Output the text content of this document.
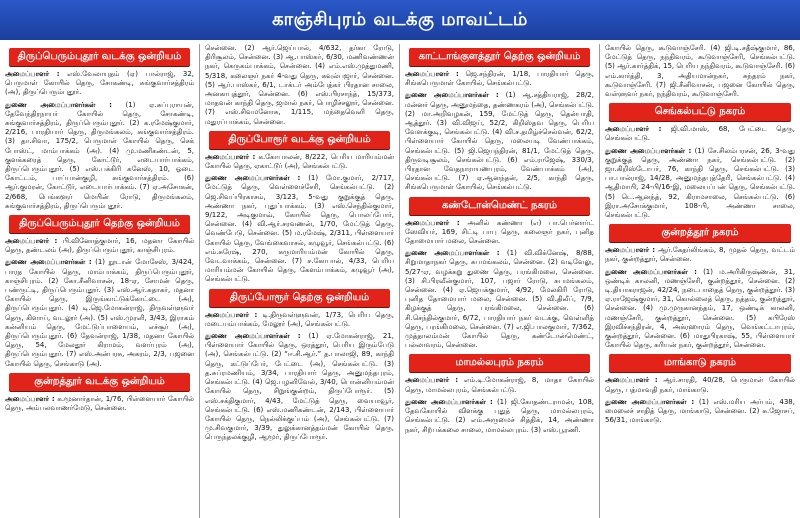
காஞ்சிபுரம் வடக்கு மாவட்டம்
திருப்பெரும்புதூர் வடக்கு ஒன்றியம்

அமைப்பாளர் : எஸ்.வேலாயுதம் (ஏ) பால்ராஜ், 32, பெருமாள் கோயில் தெரு, சோகண்டி, சுங்குவார்சத்திரம் (அ), திருப்பெரும்புதூர்.

துணை அமைப்பாளர்கள் : (1) ஏ.சுப்புராயன், தேவேந்திரநாயர் கோயில் தெரு, சோகண்டி, சுங்குவார்சத்திரம், திருப்பெரும்புதூர். (2) க.ரமேஷ்குமார், 2/216, பாரதியார் தெரு, திருமங்கலம், சுங்குவார்சத்திரம். (3) தா.சிவா, 175/2, பெருமாள் கோயில் தெரு, செக் போஸ்ட், மாம்பாக்கம் (அ). (4) மு.மணிகண்டன், 5, குளக்கரைத் தெரு, கோட்டூர், எடையார்பாக்கம், திருப்பெரும்புதூர். (5) எஸ்.பக்கிரி கனேஸ், 10, ஓடை கோட்டம், பாப்பான்குழி, சுங்குவார்சத்திரம். (6) ஆர்.குமரன், கோட்டூர், எடையார்பாக்கம். (7) ஏ.அசோகன், 2/668, பெங்களூர் மெயின் ரோடு, திருமங்கலம், சுங்குவார்சத்திரம், திருப்பெரும்புதூர்.

திருப்பெரும்புதூர் தெற்கு ஒன்றியம்

அமைப்பாளர் : பி.வினோத்குமார், 16, மதனா கோயில் தெரு, தண்டலம் (அ), திருப்பெரும்புதூர், காஞ்சிபுரம்.

துணை அமைப்பாளர்கள் : (1) நூடான் மோசேஸ், 3/424, பாரத கோயில் தெரு, மாம்பாக்கம், திருப்பெரும்புதூர், காஞ்சிபுரம். (2) கோ.சீனிவாசன், 18-ஏ, சோமன் தெரு, பண்ருட்டி, திருப்பெரும்புதூர். (3) எஸ்.ஆர்.சுதாகர், மதனா கோயில் தெரு, இருங்காட்டுக்கோட்டை (அ), திருப்பெரும்புதூர். (4) டி.ஜெ.மோகன்ராஜ், திருவள்ளுவர் தெரு, கிளாய், வடலூர் (அ). (5) எஸ்.முரளி, 3/43, இராகம் கன்னியம் தெரு, மேட்டுப்பாளையம், எச்சூர் (அ), திருப்பெரும்புதூர். (6) தேவன்ராஜ், 1/38, மதனா கோயில் தெரு, 54, மேலதூர் கிராமம், வளர்புரம் (அ), திருப்பெரும்புதூர். (7) எஸ்.அன்பரசு, அகரம், 2/3, பஜனை கோயில் தெரு, செங்காடு (அ).

குன்றத்தூர் வடக்கு ஒன்றியம்

அமைப்பாளர் : க.மூனார்தான், 1/76, பிள்ளையார் கோயில் தெரு, அம்பலவாணர்மேடு, சென்னை.

சென்னை. (2) ஆர்.ஜெய்பால், 4/632, தர்கா ரோடு, திரிசூலம், சென்னை. (3) ஆ.பாஸ்கர், 6/30, மணிவண்ணன் நகர், கெருகம்பாக்கம், சென்னை. (4) எம்.எஸ்.முத்துமணி, 5/318, கலைஞர் நகர் 4-வது தெரு, கவுல்பஜார், சென்னை. (5) ஆர்.பாஸ்கர், 6/1, டாக்டர் அம்பேத்கர் பிரதான சாலை, அனகாபுத்தூர், சென்னை. (6) எஸ்.பிரசாந்த், 15/373, மாதவன் காந்தி தெரு, ஜமால் நகர், பொழிச்சலூர், சென்னை. (7) எஸ்.சிவமனோசு, 1/115, மந்தைவெளி தெரு, மதுரப்பாக்கம், சென்னை.

திருப்போரூர் வடக்கு ஒன்றியம்

அமைப்பாளர் : க.கோபாலன், 8/222, பெரிய மாரியம்மன் கோயில் தெரு, ஏகாட்டூர் (அ), செங்கல்பட்டு.

துணை அமைப்பாளர்கள் : (1) மோ.குமார், 2/717, மேட்டுத் தெரு, வெள்ளைச்சேரி, செங்கல்பட்டு. (2) ஜெ.சிவப்பிரகாசம், 3/123, 5-வது குறுக்குத் தெரு, அண்ணா நகர், புதுப்பாக்கம். (3) எஸ்.செந்தில்குமார், 9/122, அடிகுமாவ், கோயில் தெரு, பொலப்போர், சென்னை. (4) வி.ஆர்.சரவணன், 1/70, மேட்டுத் தெரு, வெண்பேடு, சென்னை. (5) ம.ரமேஷ், 2/311, பிள்ளையார் கோயில் தெரு, வேங்கைவாசல், கழுவூர், செங்கல்பட்டு. (6) எம்.சுரேஷ், 270, கருமாரியம்மன் கோயில் தெரு, வேடவாக்கம், சென்னை. (7) ச.கோபால், 4/33, பெரிய மாரியம்மன் கோயில் தெரு, கேளம்பாக்கம், கழுவூர் (அ), செங்கல்பட்டு.

திருப்போரூர் தெற்கு ஒன்றியம்

அமைப்பாளர் : டி.திருவள்ளுவன், 1/73, பெரிய தெரு, மடையம்பாக்கம், மேலூர் (அ), செங்கல்பட்டு.

துணை அமைப்பாளர்கள் : (1) ஏ.மோகன்ராஜ், 21, பிள்ளையார் கோயில் தெரு, ஒரத்தூர், பெரிய இரும்பேடு (அ), செங்கல்பட்டு. (2) “ஈ.சி.ஆர்.” த.பாலாஜி, 89, காந்தி தெரு, கட்டுப்பேர், பேட்டை (அ), செங்கல்பட்டு. (3) த.சுப்ரமணியம், 3/34, பாரதியார் தெரு, அனுமந்தபுரம், செங்கல்பட்டு. (4) ஜெ.பழனிவேல், 3/40, பொன்னியம்மன் கோயில் தெரு, சிறுங்குன்றம், திருப்போரூர். (5) எஸ்.சக்திகுமார், 4/43, மேட்டுத் தெரு, வையாவூர், செங்கல்பட்டு. (6) எஸ்.மணிகண்டன், 2/143, பிள்ளையார் கோயில் தெரு, நெல்லிக்குப்பம் (அ), செங்கல்பட்டு. (7) மு.சிவகுமார், 3/39, துலுக்கானத்தம்மன் கோயில் தெரு, பெருந்தலக்குழி, ஆமூர், திருப்போரூர்.

காட்டாங்குளத்தூர் தெற்கு ஒன்றியம்

அமைப்பாளர் : ஜெ.சந்திரன், 1/18, பாரதியார் தெரு, சிங்கபெருமாள் கோயில், செங்கல்பட்டு.

துணை அமைப்பாளர்கள் : (1) ஆ.சத்தியராஜ், 28/2, மன்னர் தெரு, அனுமந்தை, தண்ணகரம் (அ), செங்கல்பட்டு. (2) மா.அறிவழகன், 159, மேட்டுத் தெரு, தென்பாதி, ஆத்தூர். (3) வி.விஜய், 52/2, கிறிஸ்தவ தெரு, பெரிய வேளக்குடி, செங்கல்பட்டு. (4) வி.ச.தமிழ்ச்செல்வன், 62/2, பிள்ளையார் கோயில் தெரு, மலையடி வேண்பாக்கம், செங்கல்பட்டு. (5) ஜி.ஜெயந்திரன், 81/1, மேட்டுத் தெரு, திருவடிசூலம், செங்கல்பட்டு. (6) எம்.ராஜேஷ், 330/3, பிரதான வேதநாராயணபுரம், வேண்பாக்கம் (அ), செங்கல்பட்டு. (7) ஏ.ஆனந்தன், 2/5, காந்தி தெரு, சிங்கபெருமாள் கோயில், செங்கல்பட்டு.

கண்டோன்மெண்ட் நகரம்

அமைப்பாளர் : அனில் கண்ணா (எ) பா.பெர்னார்ட் ஸேவியர், 169, சிட்டி பாபு தெரு, கலைஞர் நகர், புனித தோமையார் மலை, சென்னை.

துணை அமைப்பாளர்கள் : (1) வி.விக்னேஷ், 8/88, சிறுமாதாநகர் தெரு, சுபமங்கலம், சென்னை. (2) வடிவேலு, 5/27-ஏ, வழக்கறு துணை தெரு, பரங்கிமலை, சென்னை. (3) சி.பிரவீன்குமார், 107, பஜார் ரோடு, சுபமங்கலம், சென்னை. (4) ஏ.ஜெயக்குமார், 4/92, மேலகிரி ரோடு, புனித தோமையார் மலை, சென்னை. (5) வி.திலீப், 7/9, கிழக்குத் தெரு, பரங்கிமலை, சென்னை. (6) சி.செந்தில்குமார், 6/72, பாரதியார் நகர் வடக்கு, வெள்ளித் தெரு, பரங்கிமலை, சென்னை. (7) எ.ஜி.பாலகுமார், 7/362, முத்தாலம்மன் கோயில் தெரு, கண்டோன்மெண்ட், பல்லாவரம், சென்னை.

மாமல்லபுரம் நகரம்

அமைப்பாளர் : எம்.டி.மோகன்ராஜ், 8, மாதா கோயில் தெரு, மாமல்லபுரம், செங்கல்பட்டு.

துணை அமைப்பாளர்கள் : (1) ஜி.கோதண்டராமன், 108, தேவகோயில் விளக்கு புதுத் தெரு, மாமல்லபுரம், செங்கல்பட்டு. (2) எம்.அருமைச் சித்திக், 14, அண்ணா நகர், சிற்பக்கலை சாலை, மாமல்லபுரம். (3) எஸ்.பூரணி.

கோயில் தெரு, கூடுவாஞ்சேரி. (4) ஜி.டி.சதீஷ்குமார், 86, மேட்டுத் தெரு, நந்திவரம், கூடுவாஞ்சேரி, செங்கல்பட்டு. (5) ஆர்.கார்த்திக், 15, பெரிய நந்திவரம், கூடுவாஞ்சேரி. (6) எம்.கார்த்தி, 3, அதியமான்நகர், சுந்தரம் நகர், கூடுவாஞ்சேரி. (7) ஜி.சீனிவாசன், பஜனை கோயில் தெரு, வள்ளுவர் நகர், நந்திவரம், கூடுவாஞ்சேரி.

செங்கல்பட்டு நகரம்

அமைப்பாளர் : ஜி.வி.மாஸ், 68, பேட்டை தெரு, செங்கல்பட்டு.

துணை அமைப்பாளர்கள் : (1) சே.சிலம்பரசன், 26, 3-வது குறுக்குத் தெரு, அண்ணா நகர், செங்கல்பட்டு. (2) ஜா.கிறிஸ்டோபர், 76, காந்தி தெரு, செங்கல்பட்டு. (3) பா.பால்ராஜ், 14/28, அனுமந்தபுத்தேரி, செங்கல்பட்டு. (4) ஆதிமாயி, 24-பி/16-இ, மலையப்பன் தெரு, செங்கல்பட்டு. (5) டெ.ஆனந்த், 92, கிராமசாலை, செங்கல்பட்டு. (6) இரா.அசோக்குமார், 108-பி, அண்ணா சாலை, செங்கல்பட்டு.

குன்றத்தூர் நகரம்

அமைப்பாளர் : ஆர்.கேதர்லிங்கம், 8, முதல் தெரு, வட்டம் நகர், குன்றத்தூர், சென்னை.

துணை அமைப்பாளர்கள் : (1) ம.அரிகிருஷ்ணன், 31, ஒண்டிக் காலனி, மணஞ்சேரி, குன்றத்தூர், சென்னை. (2) டி.தியாகராஜன், 42/24, நடைபாதைத் தெரு, குன்றத்தூர். (3) ஏ.ராஜேஷ்குமார், 31, கொல்லைத் தெரு, நத்தம், குன்றத்தூர், சென்னை. (4) மு.முருகானந்தம், 17, ஒண்டிக் காலனி, மணஞ்சேரி, குன்றத்தூர், சென்னை. (5) கபிரேஸ் இரவிச்சந்திரன், 4, அக்ரஹாரம் தெரு, வெங்கட்டாபுரம், குன்றத்தூர், சென்னை. (6) மாதுபிரகாஷ், 55, பிள்ளையார் கோயில் தெரு, கரியன் நகர், குன்றத்தூர், சென்னை.

மாங்காடு நகரம்

அமைப்பாளர் : ஆர்.சாரதி, 40/28, பெருமாள் கோயில் தெரு, பத்மாவதி நகர், மாங்காடு.

துணை அமைப்பாளர்கள் : (1) எஸ்.மரிய அர்பம், 438, மைலைச் சாதித் தெரு, மாங்காடு, சென்னை. (2) சு.ஜோசப், 56/31, மாங்காடு.
